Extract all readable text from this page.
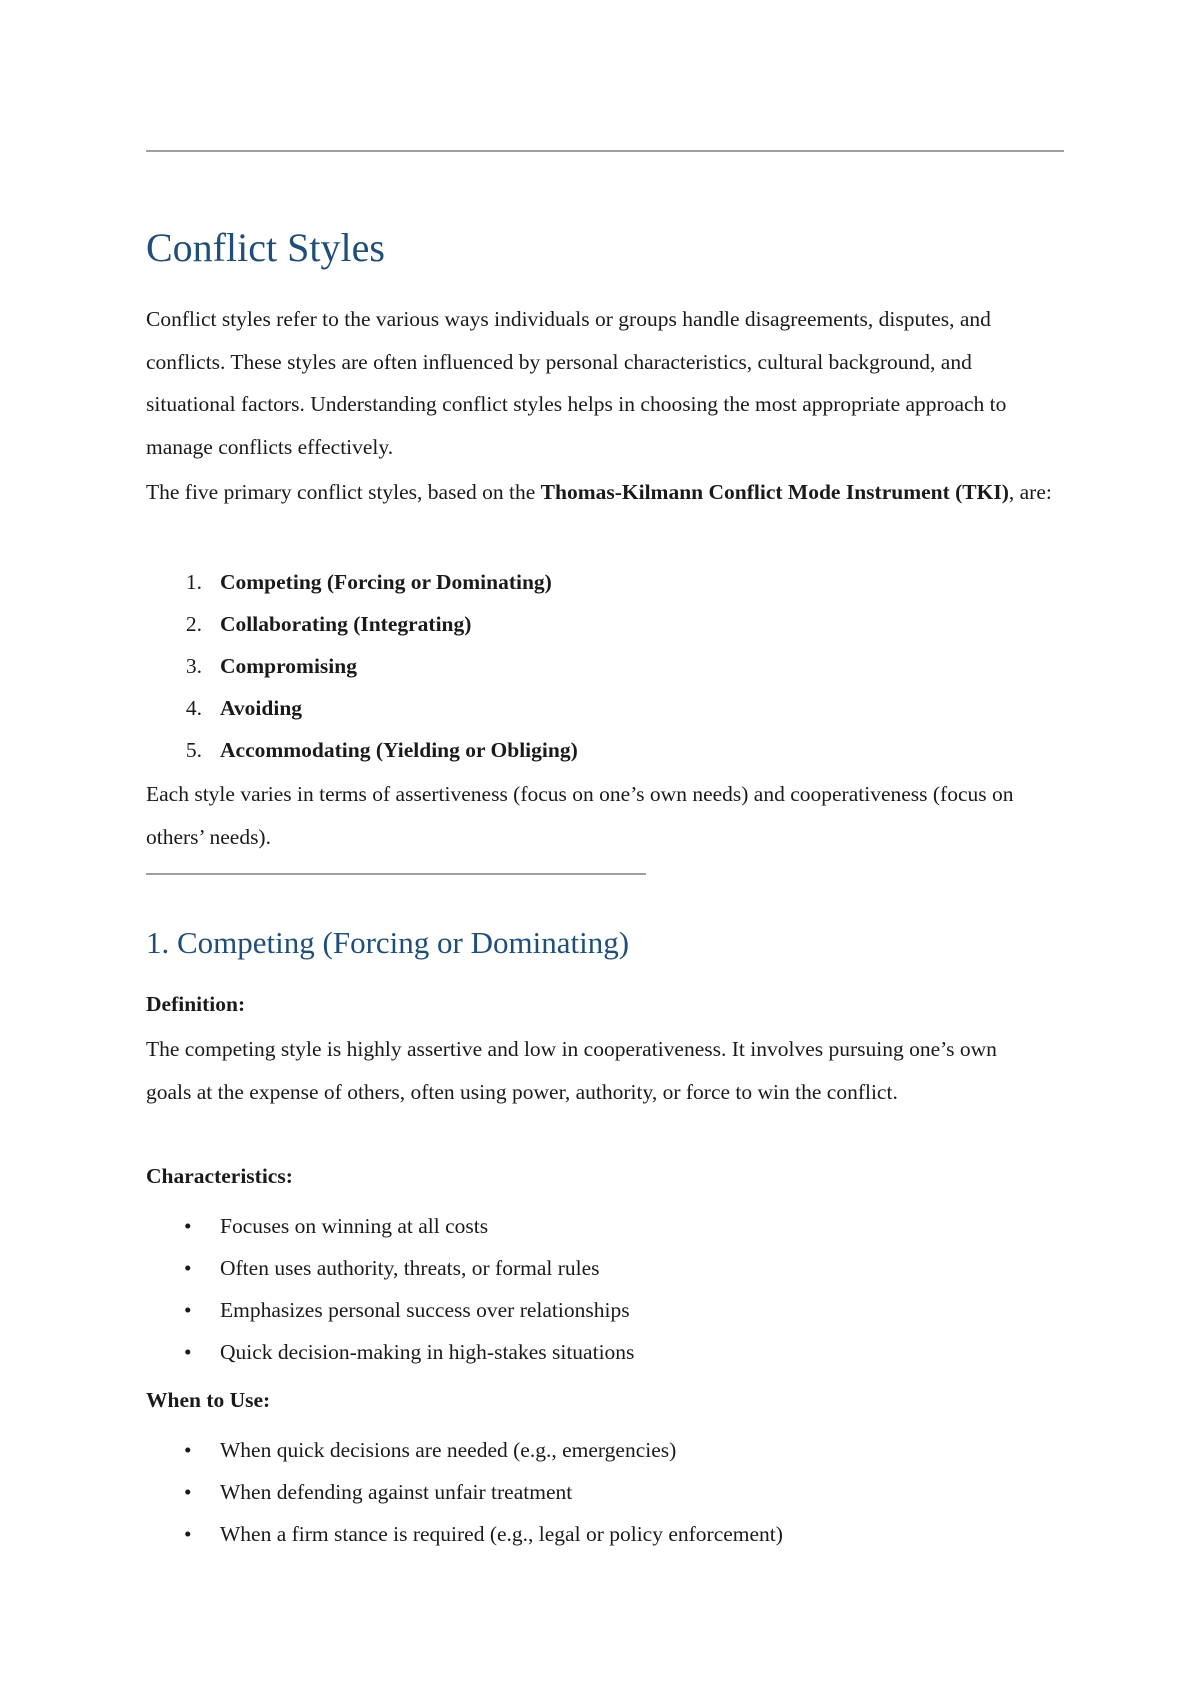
Conflict Styles

Conflict styles refer to the various ways individuals or groups handle disagreements, disputes, and conflicts. These styles are often influenced by personal characteristics, cultural background, and situational factors. Understanding conflict styles helps in choosing the most appropriate approach to manage conflicts effectively.

The five primary conflict styles, based on the Thomas-Kilmann Conflict Mode Instrument (TKI), are:

1. Competing (Forcing or Dominating)
2. Collaborating (Integrating)
3. Compromising
4. Avoiding
5. Accommodating (Yielding or Obliging)

Each style varies in terms of assertiveness (focus on one’s own needs) and cooperativeness (focus on others’ needs).

1. Competing (Forcing or Dominating)

Definition:

The competing style is highly assertive and low in cooperativeness. It involves pursuing one’s own goals at the expense of others, often using power, authority, or force to win the conflict.

Characteristics:

• Focuses on winning at all costs
• Often uses authority, threats, or formal rules
• Emphasizes personal success over relationships
• Quick decision-making in high-stakes situations

When to Use:

• When quick decisions are needed (e.g., emergencies)
• When defending against unfair treatment
• When a firm stance is required (e.g., legal or policy enforcement)
